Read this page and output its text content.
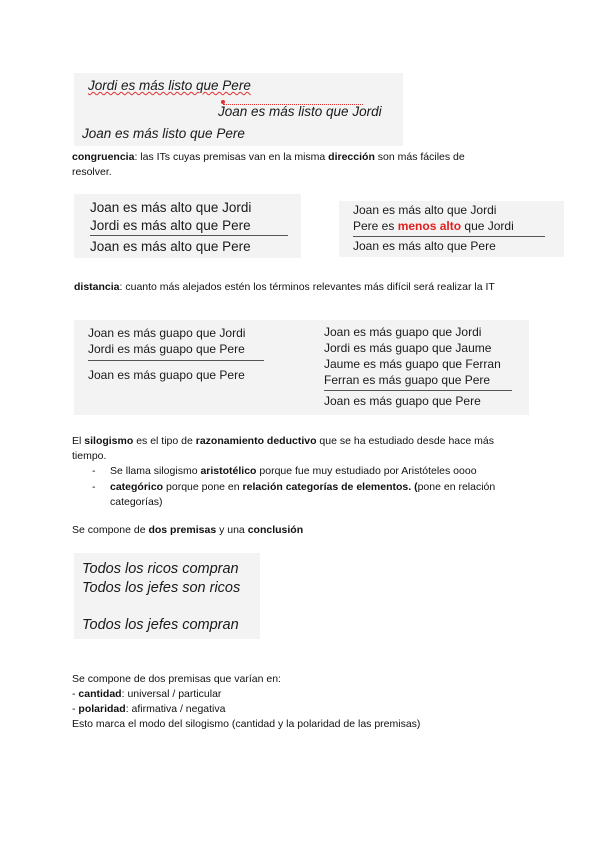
Jordi es más listo que Pere
Joan es más listo que Jordi
Joan es más listo que Pere
congruencia: las ITs cuyas premisas van en la misma dirección son más fáciles de
resolver.
Joan es más alto que Jordi
Jordi es más alto que Pere
Joan es más alto que Pere
Joan es más alto que Jordi
Pere es menos alto que Jordi
Joan es más alto que Pere
distancia: cuanto más alejados estén los términos relevantes más difícil será realizar la IT
Joan es más guapo que Jordi
Jordi es más guapo que Pere
Joan es más guapo que Pere
Joan es más guapo que Jordi
Jordi es más guapo que Jaume
Jaume es más guapo que Ferran
Ferran es más guapo que Pere
Joan es más guapo que Pere
El silogismo es el tipo de razonamiento deductivo que se ha estudiado desde hace más
tiempo.
- Se llama silogismo aristotélico porque fue muy estudiado por Aristóteles oooo
- categórico porque pone en relación categorías de elementos. (pone en relación
categorías)
Se compone de dos premisas y una conclusión
Todos los ricos compran
Todos los jefes son ricos
Todos los jefes compran
Se compone de dos premisas que varían en:
- cantidad: universal / particular
- polaridad: afirmativa / negativa
Esto marca el modo del silogismo (cantidad y la polaridad de las premisas)
